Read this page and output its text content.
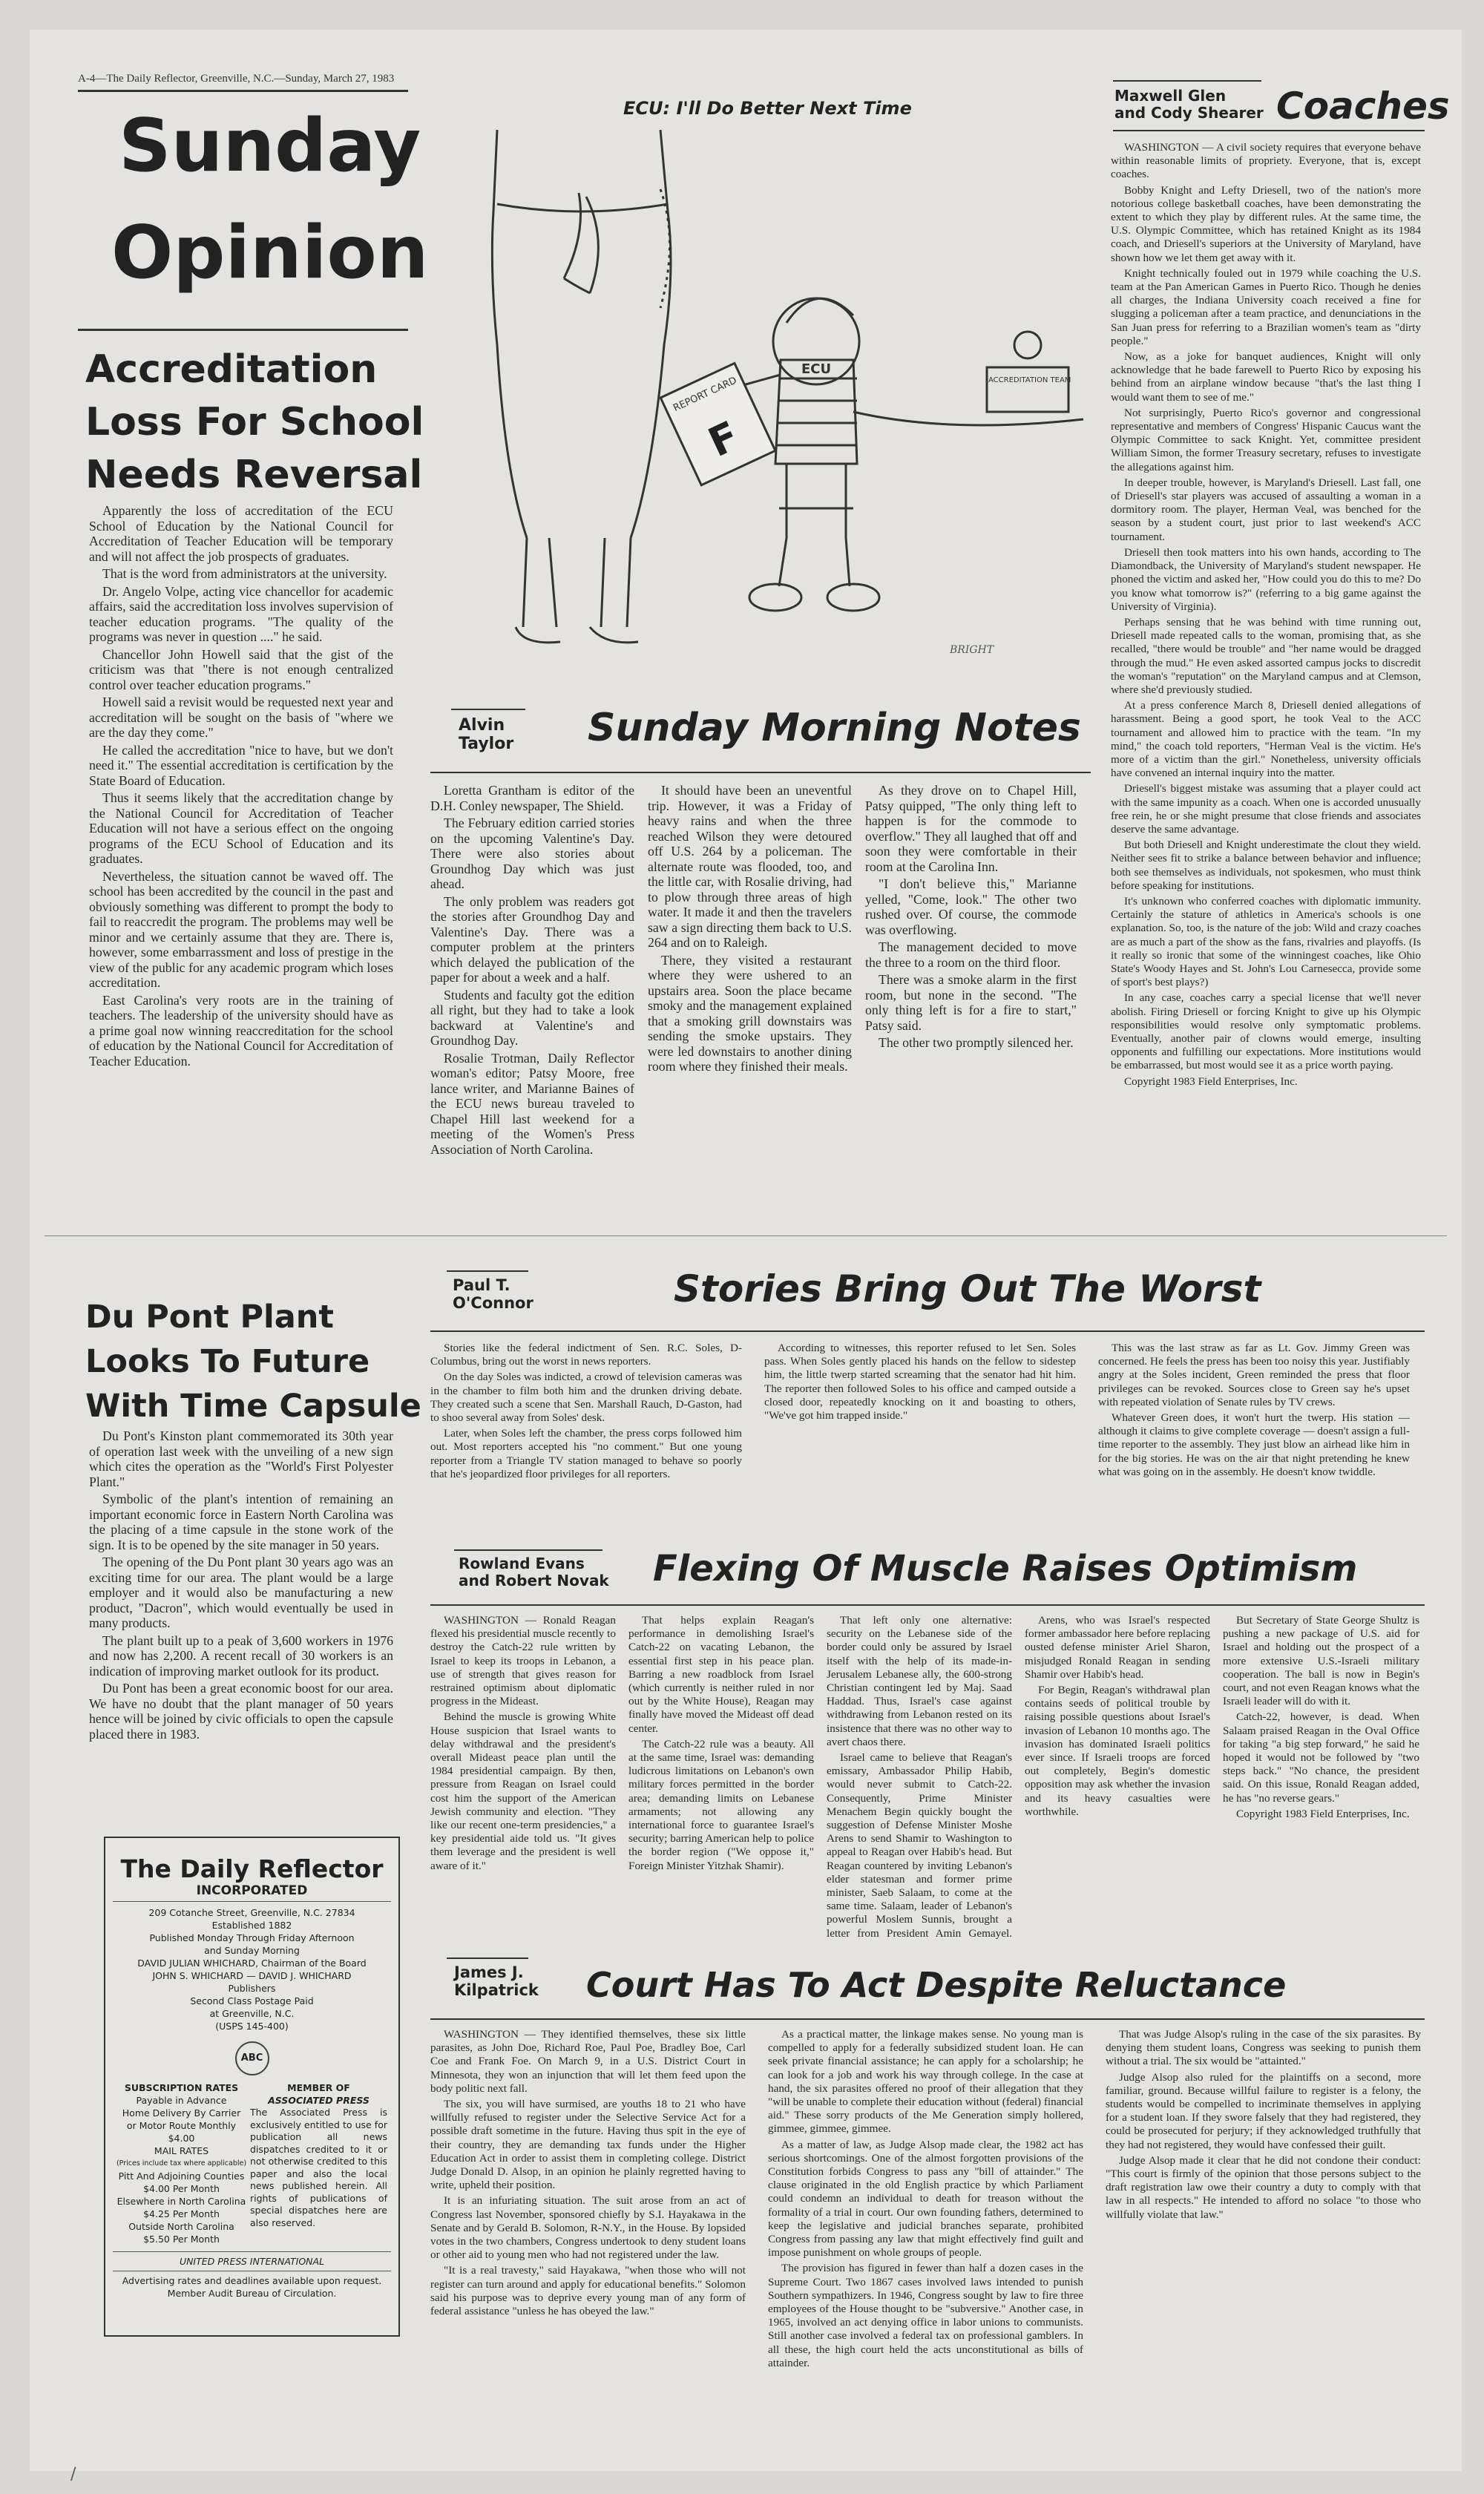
A-4—The Daily Reflector, Greenville, N.C.—Sunday, March 27, 1983
Sunday
Opinion
Accreditation
Loss For School
Needs Reversal

Apparently the loss of accreditation of the ECU School of Education by the National Council for Accreditation of Teacher Education will be temporary and will not affect the job prospects of graduates.

That is the word from administrators at the university.

Dr. Angelo Volpe, acting vice chancellor for academic affairs, said the accreditation loss involves supervision of teacher education programs. "The quality of the programs was never in question ...." he said.

Chancellor John Howell said that the gist of the criticism was that "there is not enough centralized control over teacher education programs."

Howell said a revisit would be requested next year and accreditation will be sought on the basis of "where we are the day they come."

He called the accreditation "nice to have, but we don't need it." The essential accreditation is certification by the State Board of Education.

Thus it seems likely that the accreditation change by the National Council for Accreditation of Teacher Education will not have a serious effect on the ongoing programs of the ECU School of Education and its graduates.

Nevertheless, the situation cannot be waved off. The school has been accredited by the council in the past and obviously something was different to prompt the body to fail to reaccredit the program. The problems may well be minor and we certainly assume that they are. There is, however, some embarrassment and loss of prestige in the view of the public for any academic program which loses accreditation.

East Carolina's very roots are in the training of teachers. The leadership of the university should have as a prime goal now winning reaccreditation for the school of education by the National Council for Accreditation of Teacher Education.

ECU: I'll Do Better Next Time
REPORT CARD
F
ECU
ACCREDITATION TEAM
BRIGHT
Maxwell Glen
and Cody Shearer Coaches

WASHINGTON — A civil society requires that everyone behave within reasonable limits of propriety. Everyone, that is, except coaches.

Bobby Knight and Lefty Driesell, two of the nation's more notorious college basketball coaches, have been demonstrating the extent to which they play by different rules. At the same time, the U.S. Olympic Committee, which has retained Knight as its 1984 coach, and Driesell's superiors at the University of Maryland, have shown how we let them get away with it.

Knight technically fouled out in 1979 while coaching the U.S. team at the Pan American Games in Puerto Rico. Though he denies all charges, the Indiana University coach received a fine for slugging a policeman after a team practice, and denunciations in the San Juan press for referring to a Brazilian women's team as "dirty people."

Now, as a joke for banquet audiences, Knight will only acknowledge that he bade farewell to Puerto Rico by exposing his behind from an airplane window because "that's the last thing I would want them to see of me."

Not surprisingly, Puerto Rico's governor and congressional representative and members of Congress' Hispanic Caucus want the Olympic Committee to sack Knight. Yet, committee president William Simon, the former Treasury secretary, refuses to investigate the allegations against him.

In deeper trouble, however, is Maryland's Driesell. Last fall, one of Driesell's star players was accused of assaulting a woman in a dormitory room. The player, Herman Veal, was benched for the season by a student court, just prior to last weekend's ACC tournament.

Driesell then took matters into his own hands, according to The Diamondback, the University of Maryland's student newspaper. He phoned the victim and asked her, "How could you do this to me? Do you know what tomorrow is?" (referring to a big game against the University of Virginia).

Perhaps sensing that he was behind with time running out, Driesell made repeated calls to the woman, promising that, as she recalled, "there would be trouble" and "her name would be dragged through the mud." He even asked assorted campus jocks to discredit the woman's "reputation" on the Maryland campus and at Clemson, where she'd previously studied.

At a press conference March 8, Driesell denied allegations of harassment. Being a good sport, he took Veal to the ACC tournament and allowed him to practice with the team. "In my mind," the coach told reporters, "Herman Veal is the victim. He's more of a victim than the girl." Nonetheless, university officials have convened an internal inquiry into the matter.

Driesell's biggest mistake was assuming that a player could act with the same impunity as a coach. When one is accorded unusually free rein, he or she might presume that close friends and associates deserve the same advantage.

But both Driesell and Knight underestimate the clout they wield. Neither sees fit to strike a balance between behavior and influence; both see themselves as individuals, not spokesmen, who must think before speaking for institutions.

It's unknown who conferred coaches with diplomatic immunity. Certainly the stature of athletics in America's schools is one explanation. So, too, is the nature of the job: Wild and crazy coaches are as much a part of the show as the fans, rivalries and playoffs. (Is it really so ironic that some of the winningest coaches, like Ohio State's Woody Hayes and St. John's Lou Carnesecca, provide some of sport's best plays?)

In any case, coaches carry a special license that we'll never abolish. Firing Driesell or forcing Knight to give up his Olympic responsibilities would resolve only symptomatic problems. Eventually, another pair of clowns would emerge, insulting opponents and fulfilling our expectations. More institutions would be embarrassed, but most would see it as a price worth paying.

Copyright 1983 Field Enterprises, Inc.

Alvin
Taylor Sunday Morning Notes

Loretta Grantham is editor of the D.H. Conley newspaper, The Shield.

The February edition carried stories on the upcoming Valentine's Day. There were also stories about Groundhog Day which was just ahead.

The only problem was readers got the stories after Groundhog Day and Valentine's Day. There was a computer problem at the printers which delayed the publication of the paper for about a week and a half.

Students and faculty got the edition all right, but they had to take a look backward at Valentine's and Groundhog Day.

Rosalie Trotman, Daily Reflector woman's editor; Patsy Moore, free lance writer, and Marianne Baines of the ECU news bureau traveled to Chapel Hill last weekend for a meeting of the Women's Press Association of North Carolina.

It should have been an uneventful trip. However, it was a Friday of heavy rains and when the three reached Wilson they were detoured off U.S. 264 by a policeman. The alternate route was flooded, too, and the little car, with Rosalie driving, had to plow through three areas of high water. It made it and then the travelers saw a sign directing them back to U.S. 264 and on to Raleigh.

There, they visited a restaurant where they were ushered to an upstairs area. Soon the place became smoky and the management explained that a smoking grill downstairs was sending the smoke upstairs. They were led downstairs to another dining room where they finished their meals.

As they drove on to Chapel Hill, Patsy quipped, "The only thing left to happen is for the commode to overflow." They all laughed that off and soon they were comfortable in their room at the Carolina Inn.

"I don't believe this," Marianne yelled, "Come, look." The other two rushed over. Of course, the commode was overflowing.

The management decided to move the three to a room on the third floor.

There was a smoke alarm in the first room, but none in the second. "The only thing left is for a fire to start," Patsy said.

The other two promptly silenced her.

Du Pont Plant
Looks To Future
With Time Capsule

Du Pont's Kinston plant commemorated its 30th year of operation last week with the unveiling of a new sign which cites the operation as the "World's First Polyester Plant."

Symbolic of the plant's intention of remaining an important economic force in Eastern North Carolina was the placing of a time capsule in the stone work of the sign. It is to be opened by the site manager in 50 years.

The opening of the Du Pont plant 30 years ago was an exciting time for our area. The plant would be a large employer and it would also be manufacturing a new product, "Dacron", which would eventually be used in many products.

The plant built up to a peak of 3,600 workers in 1976 and now has 2,200. A recent recall of 30 workers is an indication of improving market outlook for its product.

Du Pont has been a great economic boost for our area. We have no doubt that the plant manager of 50 years hence will be joined by civic officials to open the capsule placed there in 1983.

The Daily Reflector
INCORPORATED
209 Cotanche Street, Greenville, N.C. 27834
Established 1882
Published Monday Through Friday Afternoon
and Sunday Morning
DAVID JULIAN WHICHARD, Chairman of the Board
JOHN S. WHICHARD — DAVID J. WHICHARD
Publishers
Second Class Postage Paid
at Greenville, N.C.
(USPS 145-400)
ABC
SUBSCRIPTION RATES
Payable in Advance
Home Delivery By Carrier
or Motor Route Monthly $4.00
MAIL RATES
(Prices include tax where applicable)
Pitt And Adjoining Counties
$4.00 Per Month
Elsewhere in North Carolina
$4.25 Per Month
Outside North Carolina
$5.50 Per Month
MEMBER OF
ASSOCIATED PRESS
The Associated Press is exclusively entitled to use for publication all news dispatches credited to it or not otherwise credited to this paper and also the local news published herein. All rights of publications of special dispatches here are also reserved.
UNITED PRESS INTERNATIONAL
Advertising rates and deadlines available upon request.
Member Audit Bureau of Circulation.
Paul T.
O'Connor	Stories Bring Out The Worst

Stories like the federal indictment of Sen. R.C. Soles, D-Columbus, bring out the worst in news reporters.

On the day Soles was indicted, a crowd of television cameras was in the chamber to film both him and the drunken driving debate. They created such a scene that Sen. Marshall Rauch, D-Gaston, had to shoo several away from Soles' desk.

Later, when Soles left the chamber, the press corps followed him out. Most reporters accepted his "no comment." But one young reporter from a Triangle TV station managed to behave so poorly that he's jeopardized floor privileges for all reporters.

According to witnesses, this reporter refused to let Sen. Soles pass. When Soles gently placed his hands on the fellow to sidestep him, the little twerp started screaming that the senator had hit him. The reporter then followed Soles to his office and camped outside a closed door, repeatedly knocking on it and boasting to others, "We've got him trapped inside."

This was the last straw as far as Lt. Gov. Jimmy Green was concerned. He feels the press has been too noisy this year. Justifiably angry at the Soles incident, Green reminded the press that floor privileges can be revoked. Sources close to Green say he's upset with repeated violation of Senate rules by TV crews.

Whatever Green does, it won't hurt the twerp. His station — although it claims to give complete coverage — doesn't assign a full-time reporter to the assembly. They just blow an airhead like him in for the big stories. He was on the air that night pretending he knew what was going on in the assembly. He doesn't know twiddle.

Rowland Evans
and Robert Novak Flexing Of Muscle Raises Optimism

WASHINGTON — Ronald Reagan flexed his presidential muscle recently to destroy the Catch-22 rule written by Israel to keep its troops in Lebanon, a use of strength that gives reason for restrained optimism about diplomatic progress in the Mideast.

Behind the muscle is growing White House suspicion that Israel wants to delay withdrawal and the president's overall Mideast peace plan until the 1984 presidential campaign. By then, pressure from Reagan on Israel could cost him the support of the American Jewish community and election. "They like our recent one-term presidencies," a key presidential aide told us. "It gives them leverage and the president is well aware of it."

That helps explain Reagan's performance in demolishing Israel's Catch-22 on vacating Lebanon, the essential first step in his peace plan. Barring a new roadblock from Israel (which currently is neither ruled in nor out by the White House), Reagan may finally have moved the Mideast off dead center.

The Catch-22 rule was a beauty. All at the same time, Israel was: demanding ludicrous limitations on Lebanon's own military forces permitted in the border area; demanding limits on Lebanese armaments; not allowing any international force to guarantee Israel's security; barring American help to police the border region ("We oppose it," Foreign Minister Yitzhak Shamir).

That left only one alternative: security on the Lebanese side of the border could only be assured by Israel itself with the help of its made-in-Jerusalem Lebanese ally, the 600-strong Christian contingent led by Maj. Saad Haddad. Thus, Israel's case against withdrawing from Lebanon rested on its insistence that there was no other way to avert chaos there.

Israel came to believe that Reagan's emissary, Ambassador Philip Habib, would never submit to Catch-22. Consequently, Prime Minister Menachem Begin quickly bought the suggestion of Defense Minister Moshe Arens to send Shamir to Washington to appeal to Reagan over Habib's head. But Reagan countered by inviting Lebanon's elder statesman and former prime minister, Saeb Salaam, to come at the same time. Salaam, leader of Lebanon's powerful Moslem Sunnis, brought a letter from President Amin Gemayel.

Arens, who was Israel's respected former ambassador here before replacing ousted defense minister Ariel Sharon, misjudged Ronald Reagan in sending Shamir over Habib's head.

For Begin, Reagan's withdrawal plan contains seeds of political trouble by raising possible questions about Israel's invasion of Lebanon 10 months ago. The invasion has dominated Israeli politics ever since. If Israeli troops are forced out completely, Begin's domestic opposition may ask whether the invasion and its heavy casualties were worthwhile.

But Secretary of State George Shultz is pushing a new package of U.S. aid for Israel and holding out the prospect of a more extensive U.S.-Israeli military cooperation. The ball is now in Begin's court, and not even Reagan knows what the Israeli leader will do with it.

Catch-22, however, is dead. When Salaam praised Reagan in the Oval Office for taking "a big step forward," he said he hoped it would not be followed by "two steps back." "No chance, the president said. On this issue, Ronald Reagan added, he has "no reverse gears."

Copyright 1983 Field Enterprises, Inc.

James J.
Kilpatrick Court Has To Act Despite Reluctance

WASHINGTON — They identified themselves, these six little parasites, as John Doe, Richard Roe, Paul Poe, Bradley Boe, Carl Coe and Frank Foe. On March 9, in a U.S. District Court in Minnesota, they won an injunction that will let them feed upon the body politic next fall.

The six, you will have surmised, are youths 18 to 21 who have willfully refused to register under the Selective Service Act for a possible draft sometime in the future. Having thus spit in the eye of their country, they are demanding tax funds under the Higher Education Act in order to assist them in completing college. District Judge Donald D. Alsop, in an opinion he plainly regretted having to write, upheld their position.

It is an infuriating situation. The suit arose from an act of Congress last November, sponsored chiefly by S.I. Hayakawa in the Senate and by Gerald B. Solomon, R-N.Y., in the House. By lopsided votes in the two chambers, Congress undertook to deny student loans or other aid to young men who had not registered under the law.

"It is a real travesty," said Hayakawa, "when those who will not register can turn around and apply for educational benefits." Solomon said his purpose was to deprive every young man of any form of federal assistance "unless he has obeyed the law."

As a practical matter, the linkage makes sense. No young man is compelled to apply for a federally subsidized student loan. He can seek private financial assistance; he can apply for a scholarship; he can look for a job and work his way through college. In the case at hand, the six parasites offered no proof of their allegation that they "will be unable to complete their education without (federal) financial aid." These sorry products of the Me Generation simply hollered, gimmee, gimmee, gimmee.

As a matter of law, as Judge Alsop made clear, the 1982 act has serious shortcomings. One of the almost forgotten provisions of the Constitution forbids Congress to pass any "bill of attainder." The clause originated in the old English practice by which Parliament could condemn an individual to death for treason without the formality of a trial in court. Our own founding fathers, determined to keep the legislative and judicial branches separate, prohibited Congress from passing any law that might effectively find guilt and impose punishment on whole groups of people.

The provision has figured in fewer than half a dozen cases in the Supreme Court. Two 1867 cases involved laws intended to punish Southern sympathizers. In 1946, Congress sought by law to fire three employees of the House thought to be "subversive." Another case, in 1965, involved an act denying office in labor unions to communists. Still another case involved a federal tax on professional gamblers. In all these, the high court held the acts unconstitutional as bills of attainder.

That was Judge Alsop's ruling in the case of the six parasites. By denying them student loans, Congress was seeking to punish them without a trial. The six would be "attainted."

Judge Alsop also ruled for the plaintiffs on a second, more familiar, ground. Because willful failure to register is a felony, the students would be compelled to incriminate themselves in applying for a student loan. If they swore falsely that they had registered, they could be prosecuted for perjury; if they acknowledged truthfully that they had not registered, they would have confessed their guilt.

Judge Alsop made it clear that he did not condone their conduct: "This court is firmly of the opinion that those persons subject to the draft registration law owe their country a duty to comply with that law in all respects." He intended to afford no solace "to those who willfully violate that law."

/
